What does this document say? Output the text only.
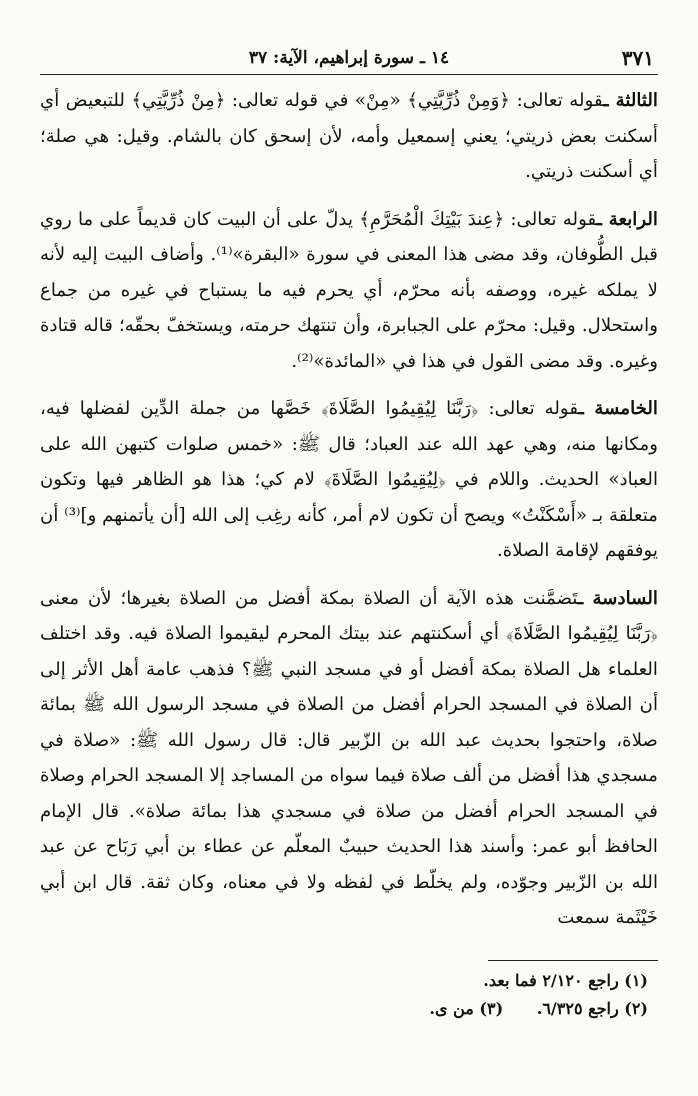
٣٧١
١٤ ـ سورة إبراهيم، الآية: ٣٧
الثالثة ـقوله تعالى: ﴿وَمِنْ ذُرِّيَّتِي﴾ «مِنْ» في قوله تعالى: ﴿مِنْ ذُرِّيَّتِي﴾ للتبعيض أي أسكنت بعض ذريتي؛ يعني إسمعيل وأمه، لأن إسحق كان بالشام. وقيل: هي صلة؛ أي أسكنت ذريتي.
الرابعة ـقوله تعالى: ﴿عِندَ بَيْتِكَ الْمُحَرَّمِ﴾ يدلّ على أن البيت كان قديماً على ما روي قبل الطُّوفان، وقد مضى هذا المعنى في سورة «البقرة»⁽¹⁾. وأضاف البيت إليه لأنه لا يملكه غيره، ووصفه بأنه محرّم، أي يحرم فيه ما يستباح في غيره من جماع واستحلال. وقيل: محرّم على الجبابرة، وأن تنتهك حرمته، ويستخفّ بحقّه؛ قاله قتادة وغيره. وقد مضى القول في هذا في «المائدة»⁽²⁾.
الخامسة ـقوله تعالى: ﴿رَبَّنَا لِيُقِيمُوا الصَّلَاةَ﴾ خَصَّها من جملة الدِّين لفضلها فيه، ومكانها منه، وهي عهد الله عند العباد؛ قال ﷺ: «خمس صلوات كتبهن الله على العباد» الحديث. واللام في ﴿لِيُقِيمُوا الصَّلَاةَ﴾ لام كي؛ هذا هو الظاهر فيها وتكون متعلقة بـ «أَسْكَنْتُ» ويصح أن تكون لام أمر، كأنه رغِب إلى الله [أن يأتمنهم و]⁽³⁾ أن يوفقهم لإقامة الصلاة.
السادسة ـتَضمَّنت هذه الآية أن الصلاة بمكة أفضل من الصلاة بغيرها؛ لأن معنى ﴿رَبَّنَا لِيُقِيمُوا الصَّلَاةَ﴾ أي أسكنتهم عند بيتك المحرم ليقيموا الصلاة فيه. وقد اختلف العلماء هل الصلاة بمكة أفضل أو في مسجد النبي ﷺ؟ فذهب عامة أهل الأثر إلى أن الصلاة في المسجد الحرام أفضل من الصلاة في مسجد الرسول الله ﷺ بمائة صلاة، واحتجوا بحديث عبد الله بن الزّبير قال: قال رسول الله ﷺ: «صلاة في مسجدي هذا أفضل من ألف صلاة فيما سواه من المساجد إلا المسجد الحرام وصلاة في المسجد الحرام أفضل من صلاة في مسجدي هذا بمائة صلاة». قال الإمام الحافظ أبو عمر: وأسند هذا الحديث حبيبٌ المعلّم عن عطاء بن أبي رَبَاح عن عبد الله بن الزّبير وجوّده، ولم يخلّط في لفظه ولا في معناه، وكان ثقة. قال ابن أبي خَيْثَمة سمعت
(١) راجع ٢/١٢٠ فما بعد.
(٢) راجع ٦/٣٢٥. (٣) من ى.
